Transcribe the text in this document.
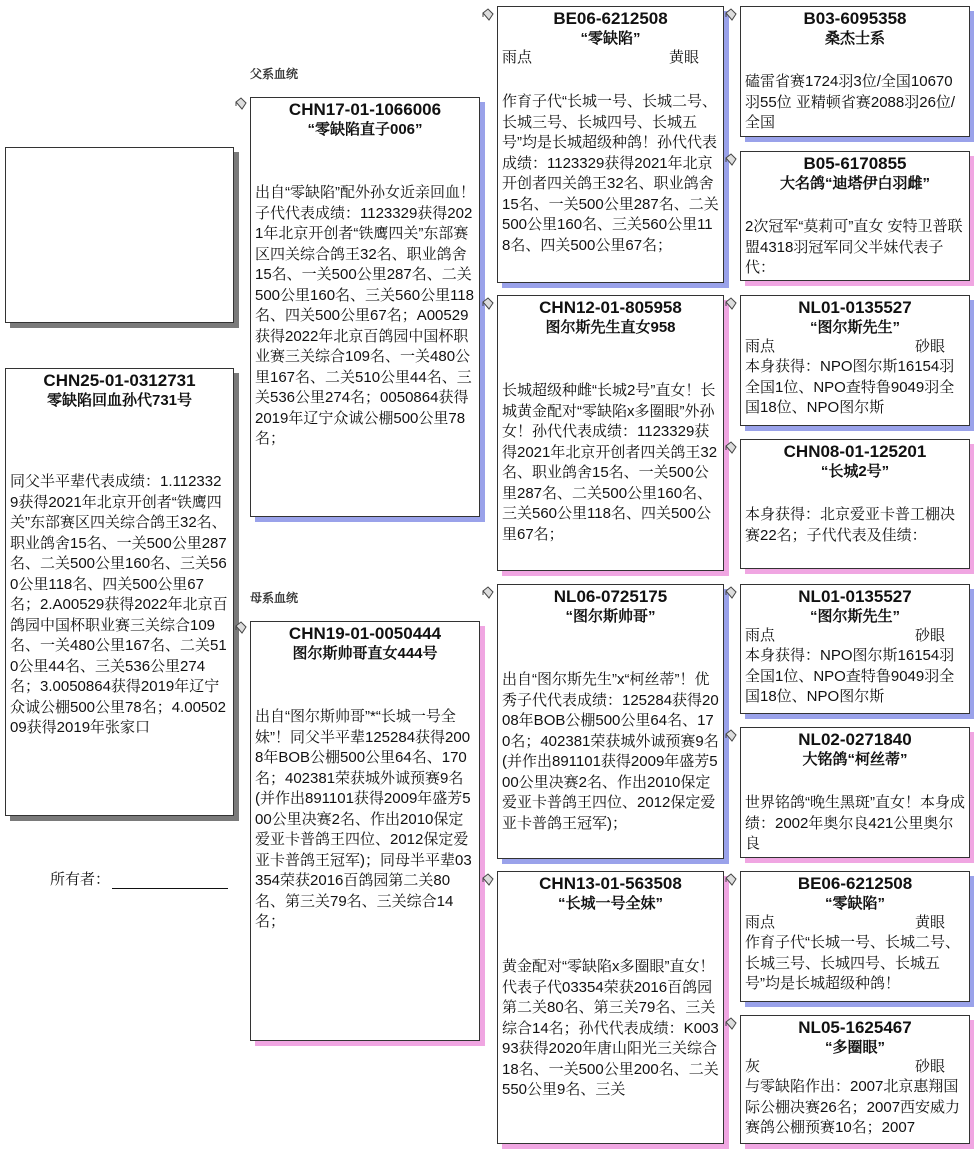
CHN25-01-0312731
零缺陷回血孙代731号
同父半平辈代表成绩：1.1123329获得2021年北京开创者“铁鹰四关”东部赛区四关综合鸽王32名、职业鸽舍15名、一关500公里287名、二关500公里160名、三关560公里118名、四关500公里67名；2.A00529获得2022年北京百鸽园中国杯职业赛三关综合109名、一关480公里167名、二关510公里44名、三关536公里274名；3.0050864获得2019年辽宁众诚公棚500公里78名；4.0050209获得2019年张家口
所有者：
父系血统
母系血统
CHN17-01-1066006
“零缺陷直子006”
出自“零缺陷”配外孙女近亲回血！子代代表成绩：1123329获得2021年北京开创者“铁鹰四关”东部赛区四关综合鸽王32名、职业鸽舍15名、一关500公里287名、二关500公里160名、三关560公里118名、四关500公里67名；A00529获得2022年北京百鸽园中国杯职业赛三关综合109名、一关480公里167名、二关510公里44名、三关536公里274名；0050864获得2019年辽宁众诚公棚500公里78名；
CHN19-01-0050444
图尔斯帅哥直女444号
出自“图尔斯帅哥”*“长城一号全妹”！同父半平辈125284获得2008年BOB公棚500公里64名、170名；402381荣获城外诚预赛9名(并作出891101获得2009年盛芳500公里决赛2名、作出2010保定爱亚卡普鸽王四位、2012保定爱亚卡普鸽王冠军)；同母半平辈03354荣获2016百鸽园第二关80名、第三关79名、三关综合14名；
BE06-6212508
“零缺陷”
雨点	黄眼
作育子代“长城一号、长城二号、长城三号、长城四号、长城五号”均是长城超级种鸽！孙代代表成绩：1123329获得2021年北京开创者四关鸽王32名、职业鸽舍15名、一关500公里287名、二关500公里160名、三关560公里118名、四关500公里67名；
CHN12-01-805958
图尔斯先生直女958
长城超级种雌“长城2号”直女！长城黄金配对“零缺陷x多圈眼”外孙女！孙代代表成绩：1123329获得2021年北京开创者四关鸽王32名、职业鸽舍15名、一关500公里287名、二关500公里160名、三关560公里118名、四关500公里67名；
NL06-0725175
“图尔斯帅哥”
出自“图尔斯先生”x“柯丝蒂”！优秀子代代表成绩：125284获得2008年BOB公棚500公里64名、170名；402381荣获城外诚预赛9名(并作出891101获得2009年盛芳500公里决赛2名、作出2010保定爱亚卡普鸽王四位、2012保定爱亚卡普鸽王冠军)；
CHN13-01-563508
“长城一号全妹”
黄金配对“零缺陷x多圈眼”直女！代表子代03354荣获2016百鸽园第二关80名、第三关79名、三关综合14名；孙代代表成绩：K00393获得2020年唐山阳光三关综合18名、一关500公里200名、二关550公里9名、三关
B03-6095358
桑杰士系
磕雷省赛1724羽3位/全国10670羽55位 亚精顿省赛2088羽26位/全国
B05-6170855
大名鸽“迪塔伊白羽雌”
2次冠军“莫莉可”直女 安特卫普联盟4318羽冠军同父半妹代表子代：
NL01-0135527
“图尔斯先生”
雨点	砂眼
本身获得：NPO图尔斯16154羽全国1位、NPO查特鲁9049羽全国18位、NPO图尔斯
CHN08-01-125201
“长城2号”
本身获得：北京爱亚卡普工棚决赛22名；子代代表及佳绩：
NL01-0135527
“图尔斯先生”
雨点	砂眼
本身获得：NPO图尔斯16154羽全国1位、NPO查特鲁9049羽全国18位、NPO图尔斯
NL02-0271840
大铭鸽“柯丝蒂”
世界铭鸽“晚生黑斑”直女！本身成绩：2002年奥尔良421公里奥尔良
BE06-6212508
“零缺陷”
雨点	黄眼
作育子代“长城一号、长城二号、长城三号、长城四号、长城五号”均是长城超级种鸽！
NL05-1625467
“多圈眼”
灰	砂眼
与零缺陷作出：2007北京惠翔国际公棚决赛26名；2007西安威力赛鸽公棚预赛10名；2007
